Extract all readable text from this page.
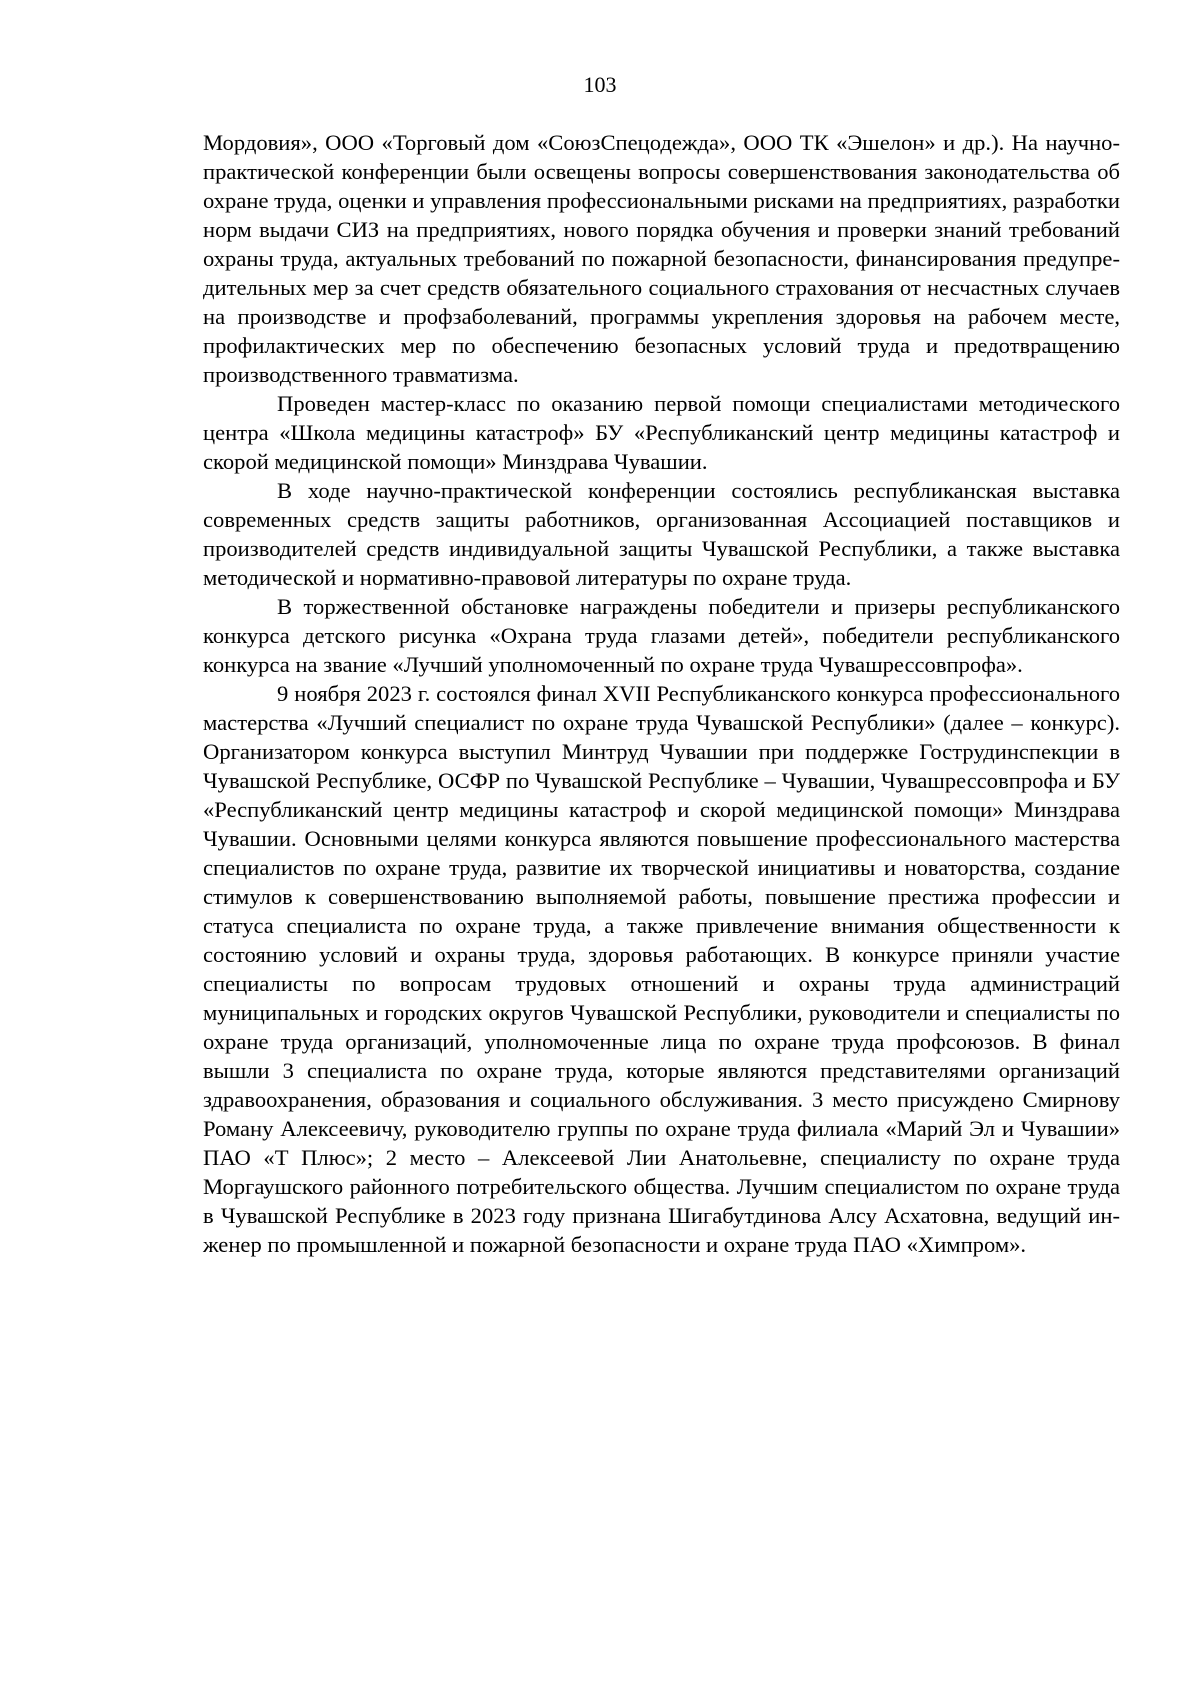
103

Мордовия», ООО «Торговый дом «СоюзСпецодежда», ООО ТК «Эшелон» и др.). На научно-практической конференции были освещены вопросы совершенствования законодательства об охране труда, оценки и управления профессиональными рисками на предприятиях, разработки норм выдачи СИЗ на предприятиях, нового порядка обучения и проверки знаний требований охраны труда, актуальных требований по пожарной безопасности, финансирования предупредительных мер за счет средств обязательного социального страхования от несчастных случаев на производстве и профзаболеваний, программы укрепления здоровья на рабочем месте, профилактических мер по обеспечению безопасных условий труда и предотвращению производственного травматизма.

Проведен мастер-класс по оказанию первой помощи специалистами методического центра «Школа медицины катастроф» БУ «Республиканский центр медицины катастроф и скорой медицинской помощи» Минздрава Чувашии.

В ходе научно-практической конференции состоялись республиканская выставка современных средств защиты работников, организованная Ассоциацией поставщиков и производителей средств индивидуальной защиты Чувашской Республики, а также выставка методической и нормативно-правовой литературы по охране труда.

В торжественной обстановке награждены победители и призеры республиканского конкурса детского рисунка «Охрана труда глазами детей», победители республиканского конкурса на звание «Лучший уполномоченный по охране труда Чувашрессовпрофа».

9 ноября 2023 г. состоялся финал XVII Республиканского конкурса профессионального мастерства «Лучший специалист по охране труда Чувашской Республики» (далее – конкурс). Организатором конкурса выступил Минтруд Чувашии при поддержке Гострудинспекции в Чувашской Республике, ОСФР по Чувашской Республике – Чувашии, Чувашрессовпрофа и БУ «Республиканский центр медицины катастроф и скорой медицинской помощи» Минздрава Чувашии. Основными целями конкурса являются повышение профессионального мастерства специалистов по охране труда, развитие их творческой инициативы и новаторства, создание стимулов к совершенствованию выполняемой работы, повышение престижа профессии и статуса специалиста по охране труда, а также привлечение внимания общественности к состоянию условий и охраны труда, здоровья работающих. В конкурсе приняли участие специалисты по вопросам трудовых отношений и охраны труда администраций муниципальных и городских округов Чувашской Республики, руководители и специалисты по охране труда организаций, уполномоченные лица по охране труда профсоюзов. В финал вышли 3 специалиста по охране труда, которые являются представителями организаций здравоохранения, образования и социального обслуживания. 3 место присуждено Смирнову Роману Алексеевичу, руководителю группы по охране труда филиала «Марий Эл и Чувашии» ПАО «Т Плюс»; 2 место – Алексеевой Лии Анатольевне, специалисту по охране труда Моргаушского районного потребительского общества. Лучшим специалистом по охране труда в Чувашской Республике в 2023 году признана Шигабутдинова Алсу Асхатовна, ведущий инженер по промышленной и пожарной безопасности и охране труда ПАО «Химпром».
